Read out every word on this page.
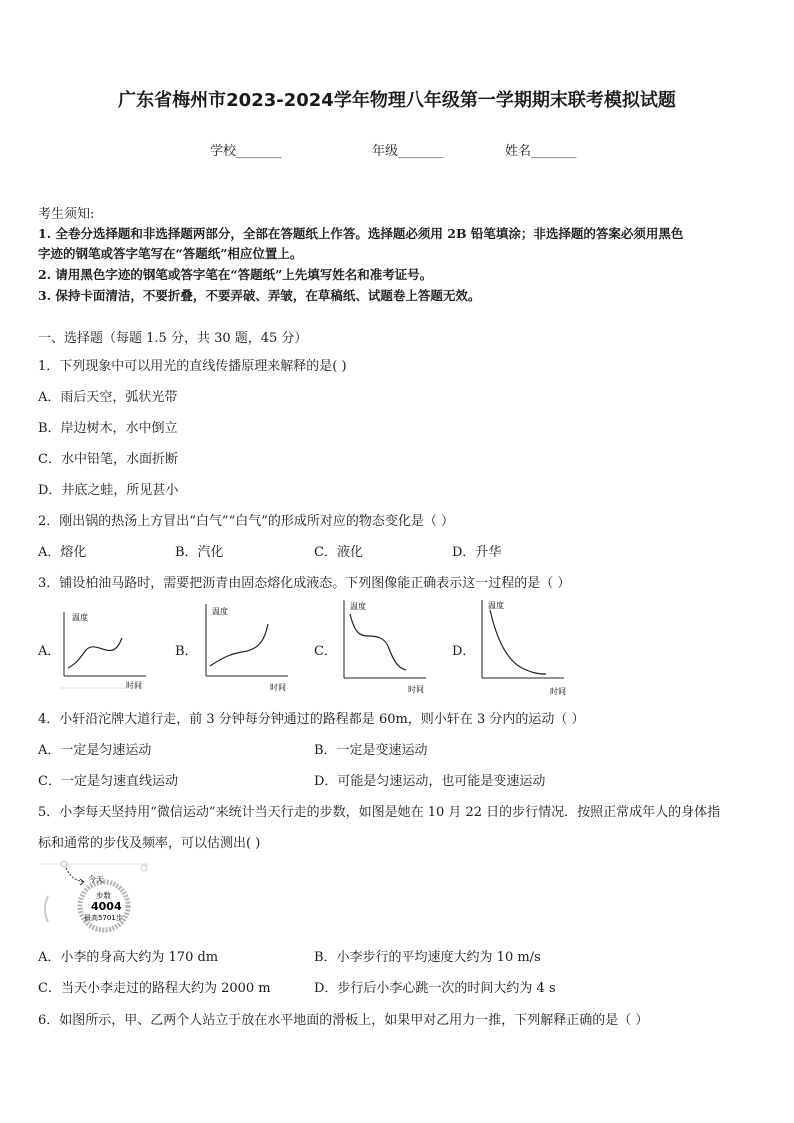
广东省梅州市2023-2024学年物理八年级第一学期期末联考模拟试题
学校_______	年级_______	姓名_______
考生须知:
1. 全卷分选择题和非选择题两部分，全部在答题纸上作答。选择题必须用 2B 铅笔填涂；非选择题的答案必须用黑色
字迹的钢笔或答字笔写在“答题纸”相应位置上。
2. 请用黑色字迹的钢笔或答字笔在“答题纸”上先填写姓名和准考证号。
3. 保持卡面清洁，不要折叠，不要弄破、弄皱，在草稿纸、试题卷上答题无效。
一、选择题（每题 1.5 分，共 30 题，45 分）
1．下列现象中可以用光的直线传播原理来解释的是( )
A．雨后天空，弧状光带
B．岸边树木，水中倒立
C．水中铅笔，水面折断
D．井底之蛙，所见甚小
2．刚出锅的热汤上方冒出“白气”“白气”的形成所对应的物态变化是（ ）
A．熔化	B．汽化	C．液化	D．升华
3．铺设柏油马路时，需要把沥青由固态熔化成液态。下列图像能正确表示这一过程的是（ ）
A．	B．	C．	D．
温度
时间
温度
时间
温度
时间
温度
时间
4．小轩沿沱牌大道行走，前 3 分钟每分钟通过的路程都是 60m，则小轩在 3 分内的运动（ ）
A．一定是匀速运动	B．一定是变速运动
C．一定是匀速直线运动	D．可能是匀速运动，也可能是变速运动
5．小李每天坚持用“微信运动”来统计当天行走的步数，如图是她在 10 月 22 日的步行情况．按照正常成年人的身体指
标和通常的步伐及频率，可以估测出( )
今天
步数
4004
最高5701步
A．小李的身高大约为 170 dm	B．小李步行的平均速度大约为 10 m/s
C．当天小李走过的路程大约为 2000 m	D．步行后小李心跳一次的时间大约为 4 s
6．如图所示，甲、乙两个人站立于放在水平地面的滑板上，如果甲对乙用力一推，下列解释正确的是（ ）
